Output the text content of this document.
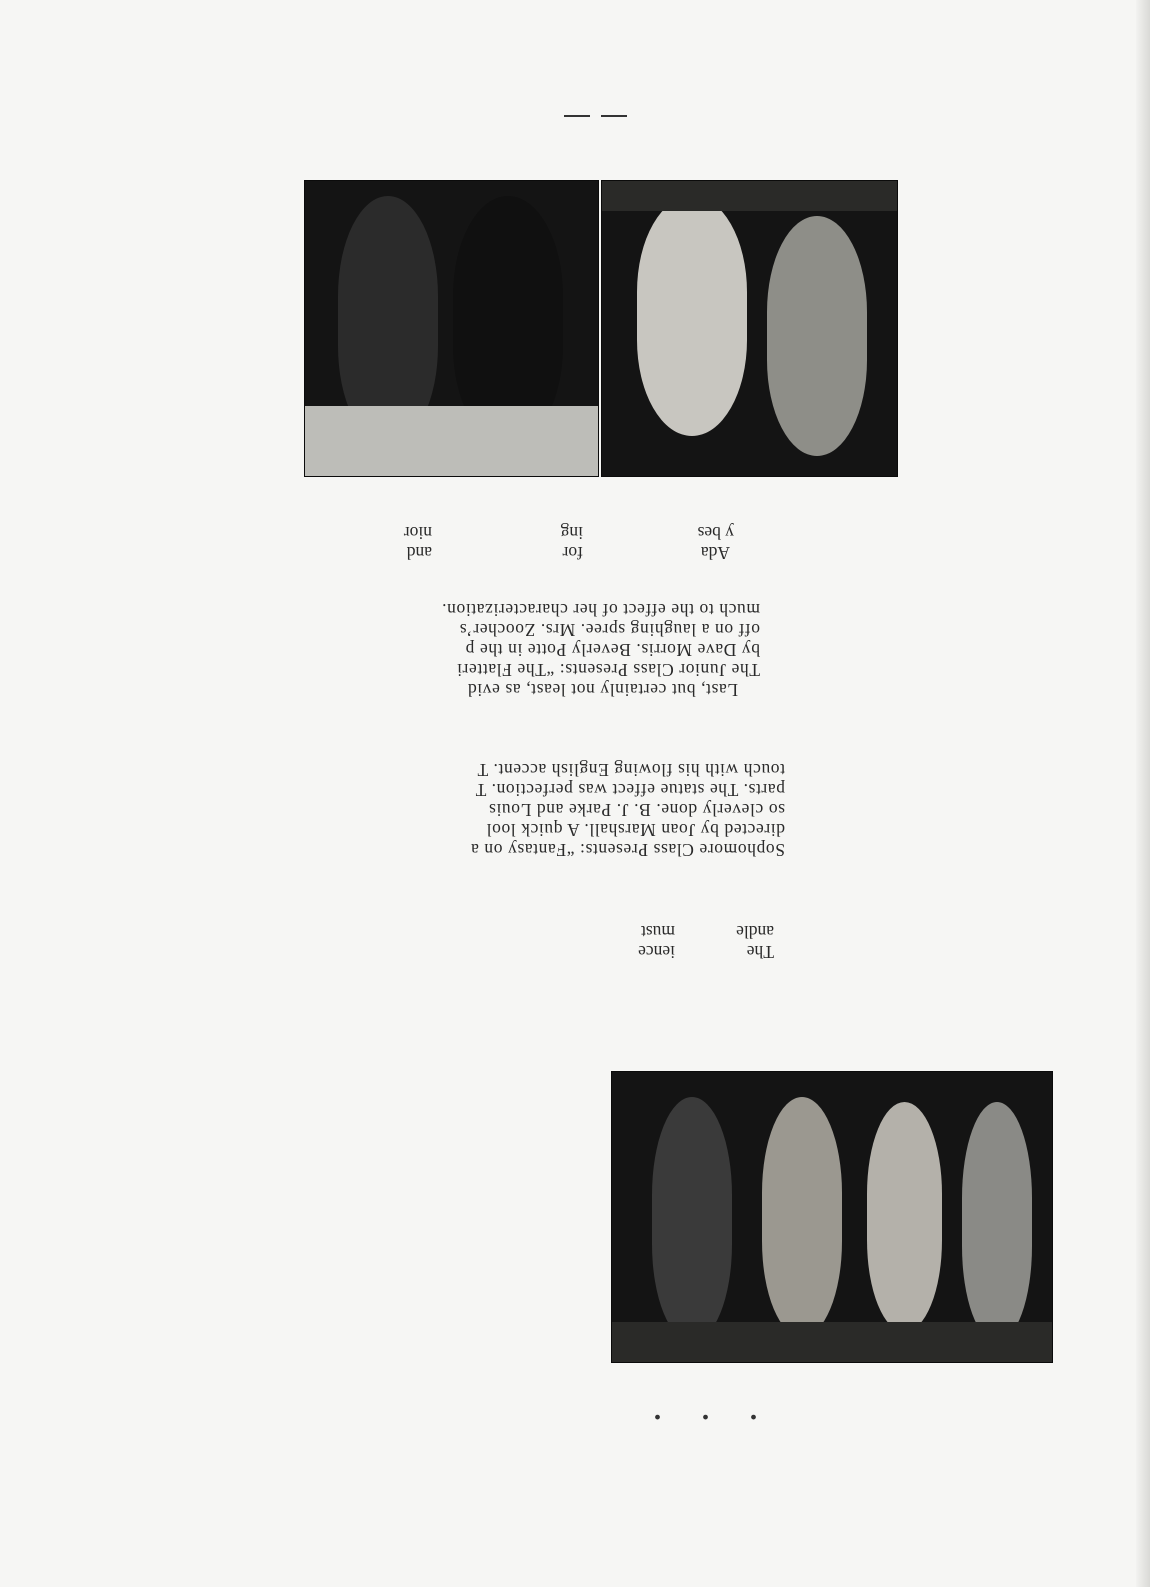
• • •
The
ience
andle
must
Sophomore Class Presents: “Fantasy on a
directed by Joan Marshall. A quick lool
so cleverly done. B. J. Parke and Louis
parts. The statue effect was perfection. T
touch with his flowing English accent. T
Last, but certainly not least, as evid
The Junior Class Presents: “The Flatteri
by Dave Morris. Beverly Potte in the p
off on a laughing spree. Mrs. Zoocher’s
much to the effect of her characterization.
Ada
for
and
y bes
ing
nior
